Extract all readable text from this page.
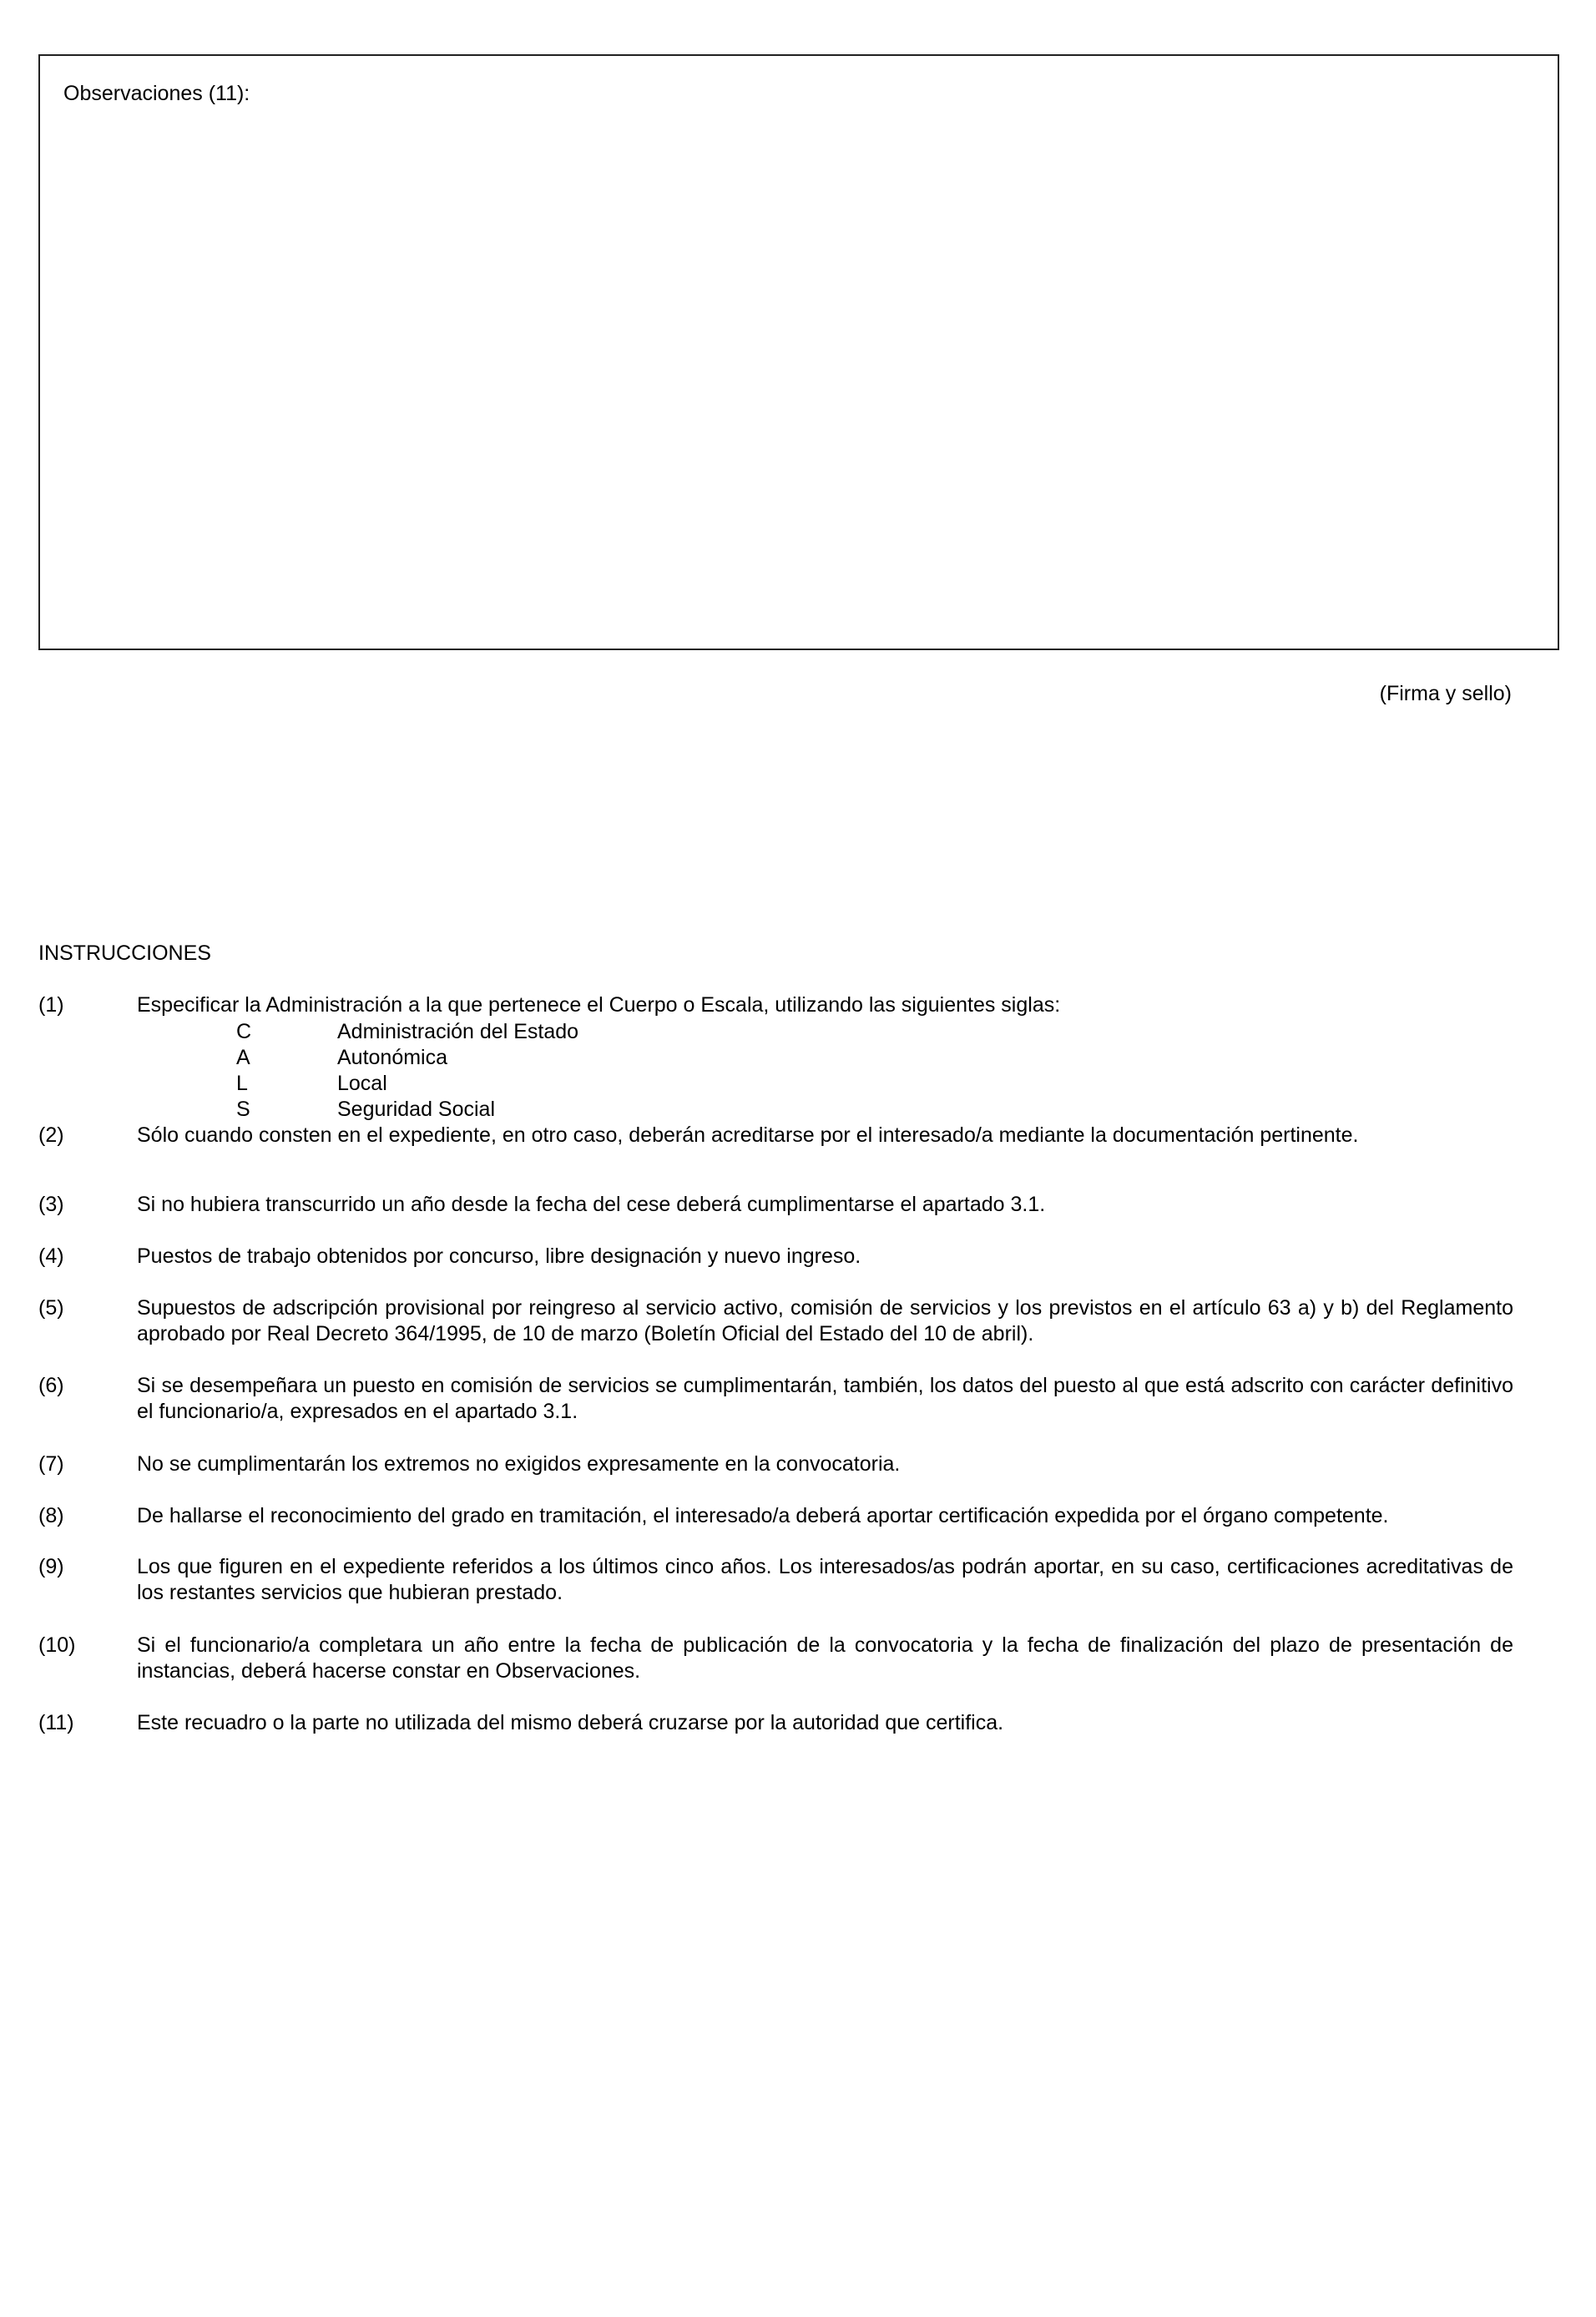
Observaciones (11):
(Firma y sello)
INSTRUCCIONES
(1)	Especificar la Administración a la que pertenece el Cuerpo o Escala, utilizando las siguientes siglas:
C	Administración del Estado
A	Autonómica
L	Local
S	Seguridad Social
(2)	Sólo cuando consten en el expediente, en otro caso, deberán acreditarse por el interesado/a mediante la documentación pertinente.
(3)	Si no hubiera transcurrido un año desde la fecha del cese deberá cumplimentarse el apartado 3.1.
(4)	Puestos de trabajo obtenidos por concurso, libre designación y nuevo ingreso.
(5)	Supuestos de adscripción provisional por reingreso al servicio activo, comisión de servicios y los previstos en el artículo 63 a) y b) del Reglamento aprobado por Real Decreto 364/1995, de 10 de marzo (Boletín Oficial del Estado del 10 de abril).
(6)	Si se desempeñara un puesto en comisión de servicios se cumplimentarán, también, los datos del puesto al que está adscrito con carácter definitivo el funcionario/a, expresados en el apartado 3.1.
(7)	No se cumplimentarán los extremos no exigidos expresamente en la convocatoria.
(8)	De hallarse el reconocimiento del grado en tramitación, el interesado/a deberá aportar certificación expedida por el órgano competente.
(9)	Los que figuren en el expediente referidos a los últimos cinco años. Los interesados/as podrán aportar, en su caso, certificaciones acreditativas de los restantes servicios que hubieran prestado.
(10)	Si el funcionario/a completara un año entre la fecha de publicación de la convocatoria y la fecha de finalización del plazo de presentación de instancias, deberá hacerse constar en Observaciones.
(11)	Este recuadro o la parte no utilizada del mismo deberá cruzarse por la autoridad que certifica.
